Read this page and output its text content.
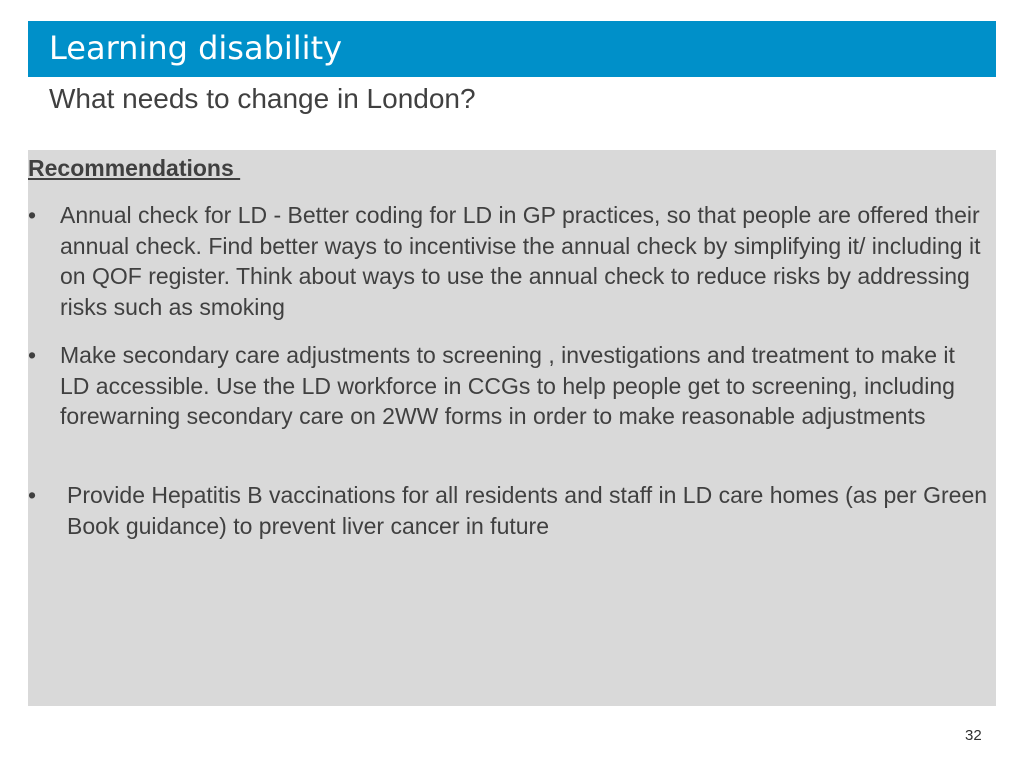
Learning disability
What needs to change in London?
Recommendations
• Annual check for LD - Better coding for LD in GP practices, so that people are offered their annual check. Find better ways to incentivise the annual check by simplifying it/ including it on QOF register. Think about ways to use the annual check to reduce risks by addressing risks such as smoking
• Make secondary care adjustments to screening , investigations and treatment to make it LD accessible. Use the LD workforce in CCGs to help people get to screening, including forewarning secondary care on 2WW forms in order to make reasonable adjustments
• Provide Hepatitis B vaccinations for all residents and staff in LD care homes (as per Green Book guidance) to prevent liver cancer in future
32
